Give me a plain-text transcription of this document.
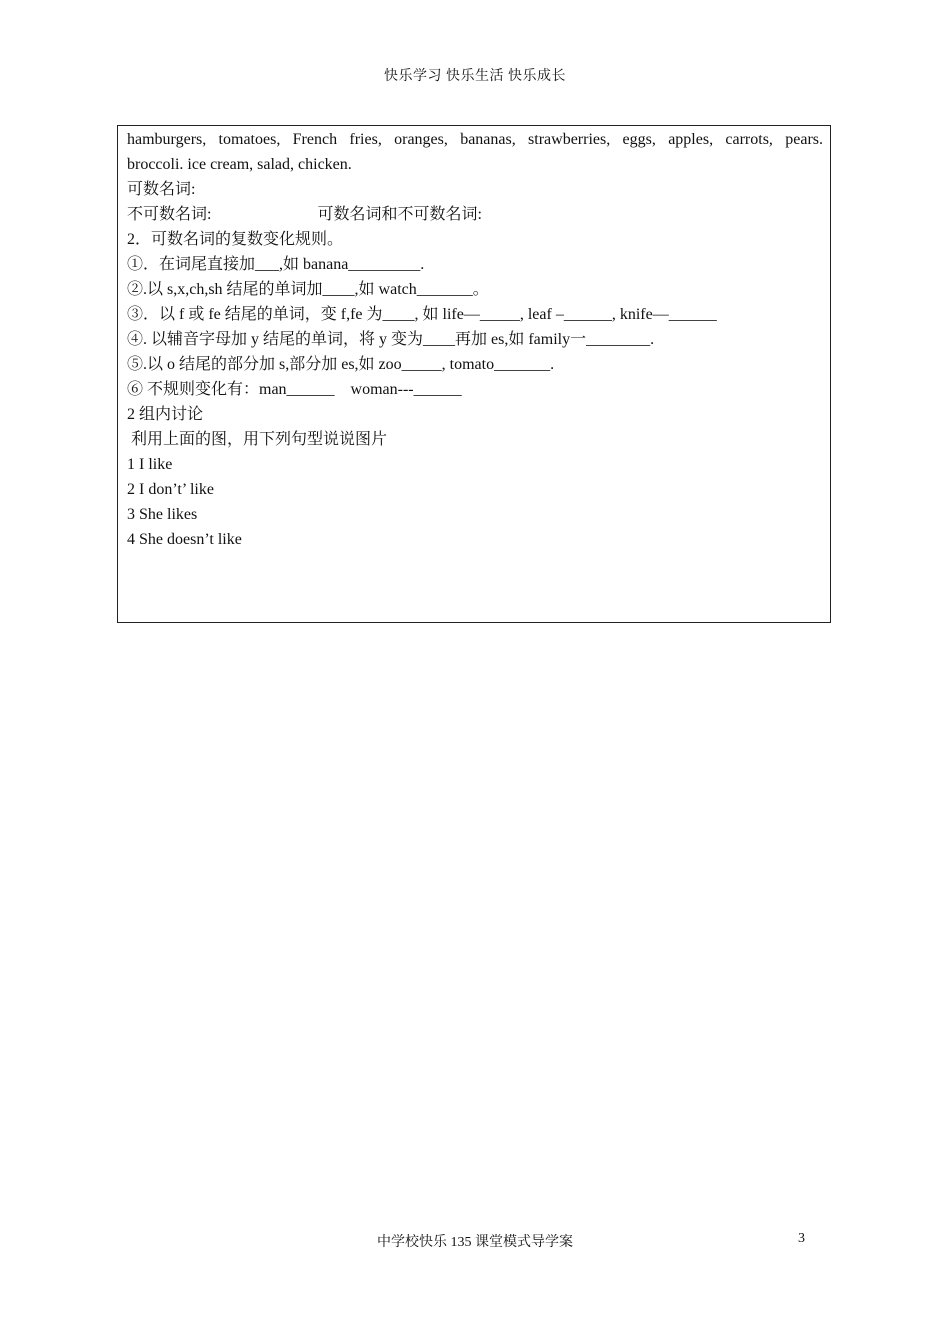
快乐学习 快乐生活 快乐成长
hamburgers, tomatoes, French fries, oranges, bananas, strawberries, eggs, apples, carrots, pears.
broccoli. ice cream, salad, chicken.
可数名词:
不可数名词:	可数名词和不可数名词:
2．可数名词的复数变化规则。
①．在词尾直接加___,如 banana_________.
②.以 s,x,ch,sh 结尾的单词加____,如 watch_______。
③．以 f 或 fe 结尾的单词，变 f,fe 为____, 如 life—_____, leaf –______, knife—______
④. 以辅音字母加 y 结尾的单词，将 y 变为____再加 es,如 family一________.
⑤.以 o 结尾的部分加 s,部分加 es,如 zoo_____, tomato_______.
⑥ 不规则变化有：man______    woman---______
2 组内讨论
利用上面的图，用下列句型说说图片
1 I like
2 I don’t’ like
3 She likes
4 She doesn’t like
中学校快乐 135 课堂模式导学案	3
